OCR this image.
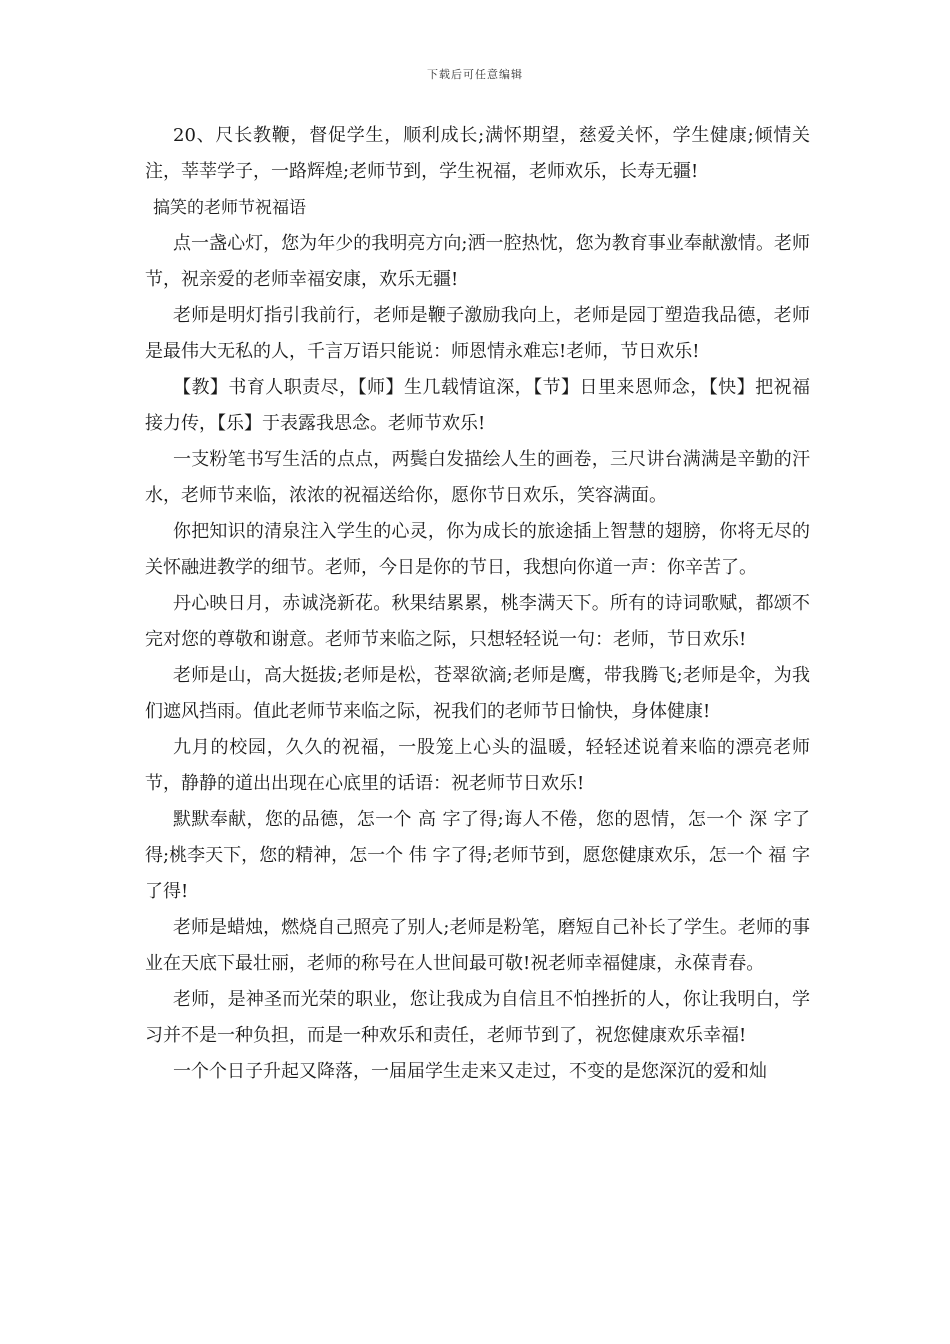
下载后可任意编辑

20、尺长教鞭，督促学生，顺利成长;满怀期望，慈爱关怀，学生健康;倾情关注，莘莘学子，一路辉煌;老师节到，学生祝福，老师欢乐，长寿无疆!

搞笑的老师节祝福语

点一盏心灯，您为年少的我明亮方向;洒一腔热忱，您为教育事业奉献激情。老师节，祝亲爱的老师幸福安康，欢乐无疆!

老师是明灯指引我前行，老师是鞭子激励我向上，老师是园丁塑造我品德，老师是最伟大无私的人，千言万语只能说：师恩情永难忘!老师，节日欢乐!

【教】书育人职责尽，【师】生几载情谊深，【节】日里来恩师念，【快】把祝福接力传，【乐】于表露我思念。老师节欢乐!

一支粉笔书写生活的点点，两鬓白发描绘人生的画卷，三尺讲台满满是辛勤的汗水，老师节来临，浓浓的祝福送给你，愿你节日欢乐，笑容满面。

你把知识的清泉注入学生的心灵，你为成长的旅途插上智慧的翅膀，你将无尽的关怀融进教学的细节。老师，今日是你的节日，我想向你道一声：你辛苦了。

丹心映日月，赤诚浇新花。秋果结累累，桃李满天下。所有的诗词歌赋，都颂不完对您的尊敬和谢意。老师节来临之际，只想轻轻说一句：老师，节日欢乐!

老师是山，高大挺拔;老师是松，苍翠欲滴;老师是鹰，带我腾飞;老师是伞，为我们遮风挡雨。值此老师节来临之际，祝我们的老师节日愉快，身体健康!

九月的校园，久久的祝福，一股笼上心头的温暖，轻轻述说着来临的漂亮老师节，静静的道出出现在心底里的话语：祝老师节日欢乐!

默默奉献，您的品德，怎一个 高 字了得;诲人不倦，您的恩情，怎一个 深 字了得;桃李天下，您的精神，怎一个 伟 字了得;老师节到，愿您健康欢乐，怎一个 福 字了得!

老师是蜡烛，燃烧自己照亮了别人;老师是粉笔，磨短自己补长了学生。老师的事业在天底下最壮丽，老师的称号在人世间最可敬!祝老师幸福健康，永葆青春。

老师，是神圣而光荣的职业，您让我成为自信且不怕挫折的人，你让我明白，学习并不是一种负担，而是一种欢乐和责任，老师节到了，祝您健康欢乐幸福!

一个个日子升起又降落，一届届学生走来又走过，不变的是您深沉的爱和灿
